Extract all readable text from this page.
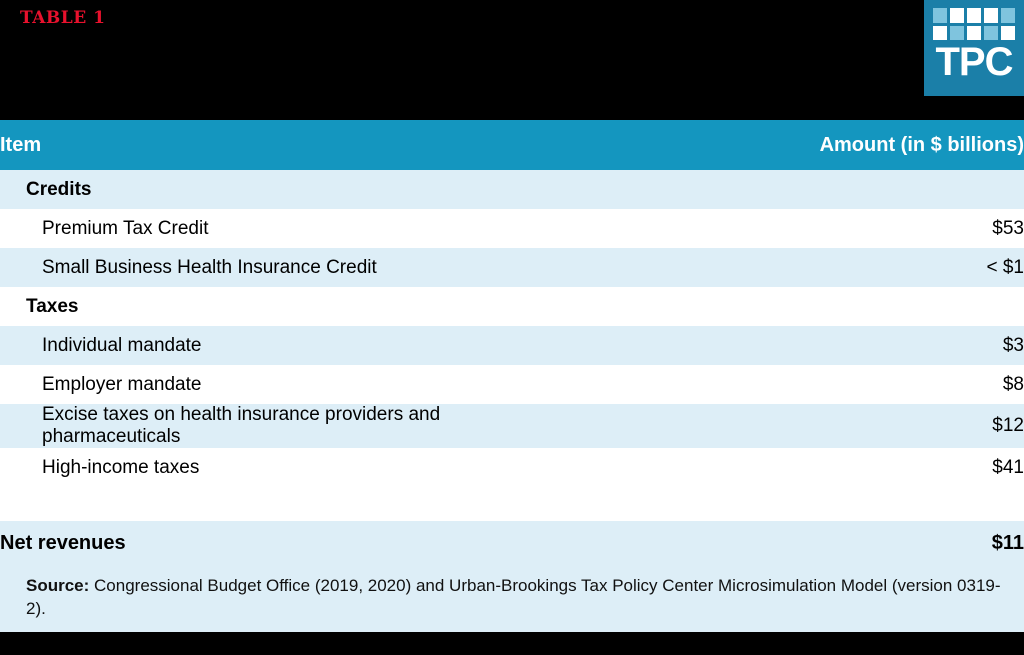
TABLE 1
TPC
Item	Amount (in $ billions)
Credits	
Premium Tax Credit	$53
Small Business Health Insurance Credit	< $1
Taxes	
Individual mandate	$3
Employer mandate	$8
Excise taxes on health insurance providers and pharmaceuticals	$12
High-income taxes	$41

Net revenues	$11
Source: Congressional Budget Office (2019, 2020) and Urban-Brookings Tax Policy Center Microsimulation Model (version 0319-2).
